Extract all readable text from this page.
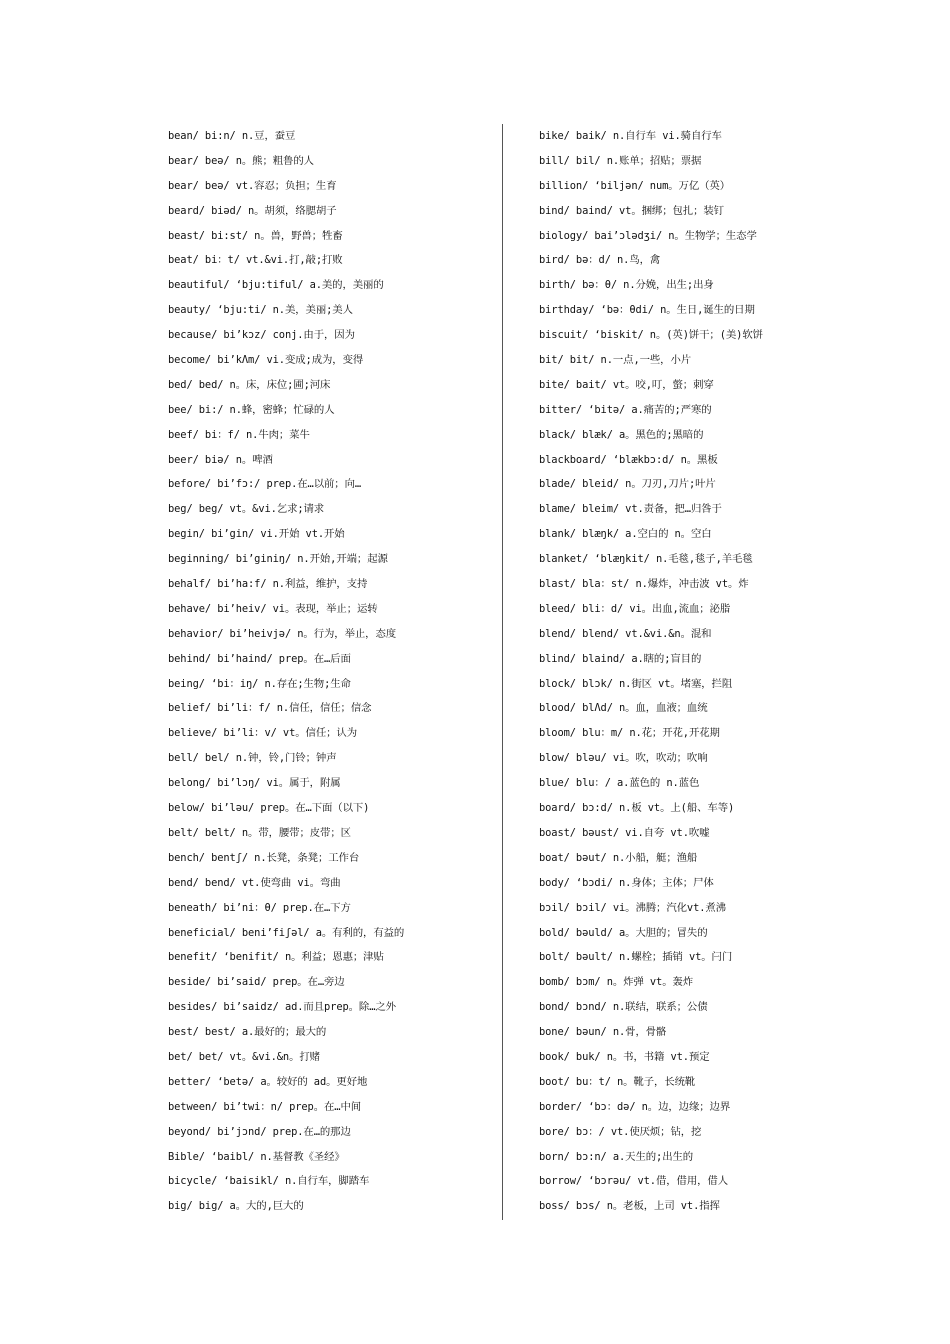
bean/ bi:n/ n.豆，蚕豆
bear/ beə/ n。熊；粗鲁的人
bear/ beə/ vt.容忍；负担；生育
beard/ biəd/ n。胡须，络腮胡子
beast/ bi:st/ n。兽，野兽；牲畜
beat/ bi：t/ vt.&vi.打,敲;打败
beautiful/ ‘bju:tiful/ a.美的，美丽的
beauty/ ‘bju:ti/ n.美，美丽;美人
because/ bi’kɔz/ conj.由于，因为
become/ bi’kΛm/ vi.变成;成为，变得
bed/ bed/ n。床，床位;圃;河床
bee/ bi:/ n.蜂，密蜂；忙碌的人
beef/ bi：f/ n.牛肉；菜牛
beer/ biə/ n。啤酒
before/ bi’fɔ:/ prep.在…以前；向…
beg/ beg/ vt。&vi.乞求;请求
begin/ bi’gin/ vi.开始 vt.开始
beginning/ bi’giniŋ/ n.开始,开端；起源
behalf/ bi’ha:f/ n.利益，维护，支持
behave/ bi’heiv/ vi。表现，举止；运转
behavior/ bi’heivjə/ n。行为，举止，态度
behind/ bi’haind/ prep。在…后面
being/ ‘bi：iŋ/ n.存在;生物;生命
belief/ bi’li：f/ n.信任，信任；信念
believe/ bi’li：v/ vt。信任；认为
bell/ bel/ n.钟，铃,门铃；钟声
belong/ bi’lɔŋ/ vi。属于，附属
below/ bi’ləu/ prep。在…下面（以下)
belt/ belt/ n。带，腰带；皮带；区
bench/ bentʃ/ n.长凳，条凳；工作台
bend/ bend/ vt.使弯曲 vi。弯曲
beneath/ bi’ni：θ/ prep.在…下方
beneficial/ beni’fiʃəl/ a。有利的，有益的
benefit/ ‘benifit/ n。利益；恩惠；津贴
beside/ bi’said/ prep。在…旁边
besides/ bi’saidz/ ad.而且prep。除…之外
best/ best/ a.最好的；最大的
bet/ bet/ vt。&vi.&n。打赌
better/ ‘betə/ a。较好的 ad。更好地
between/ bi’twi：n/ prep。在…中间
beyond/ bi’jɔnd/ prep.在…的那边
Bible/ ‘baibl/ n.基督教《圣经》
bicycle/ ‘baisikl/ n.自行车，脚踏车
big/ big/ a。大的,巨大的
bike/ baik/ n.自行车 vi.骑自行车
bill/ bil/ n.账单；招贴；票据
billion/ ‘biljən/ num。万亿（英）
bind/ baind/ vt。捆绑；包扎；装钉
biology/ bai’ɔlədʒi/ n。生物学；生态学
bird/ bə：d/ n.鸟，禽
birth/ bə：θ/ n.分娩，出生;出身
birthday/ ‘bə：θdi/ n。生日,诞生的日期
biscuit/ ‘biskit/ n。(英)饼干；(美)软饼
bit/ bit/ n.一点,一些，小片
bite/ bait/ vt。咬,叮，螫；刺穿
bitter/ ‘bitə/ a.痛苦的;严寒的
black/ blæk/ a。黑色的;黑暗的
blackboard/ ‘blækbɔ:d/ n。黑板
blade/ bleid/ n。刀刃,刀片;叶片
blame/ bleim/ vt.责备，把…归咎于
blank/ blæŋk/ a.空白的 n。空白
blanket/ ‘blæŋkit/ n.毛毯,毯子,羊毛毯
blast/ bla：st/ n.爆炸，冲击波 vt。炸
bleed/ bli：d/ vi。出血,流血；泌脂
blend/ blend/ vt.&vi.&n。混和
blind/ blaind/ a.瞎的;盲目的
block/ blɔk/ n.街区 vt。堵塞，拦阻
blood/ blΛd/ n。血，血液；血统
bloom/ blu：m/ n.花；开花,开花期
blow/ bləu/ vi。吹，吹动；吹响
blue/ blu：/ a.蓝色的 n.蓝色
board/ bɔ:d/ n.板 vt。上(船、车等)
boast/ bəust/ vi.自夸 vt.吹嘘
boat/ bəut/ n.小船，艇；渔船
body/ ‘bɔdi/ n.身体；主体；尸体
bɔil/ bɔil/ vi。沸腾；汽化vt.煮沸
bold/ bəuld/ a。大胆的；冒失的
bolt/ bəult/ n.螺栓；插销 vt。闩门
bomb/ bɔm/ n。炸弹 vt。轰炸
bond/ bɔnd/ n.联结，联系；公债
bone/ bəun/ n.骨，骨骼
book/ buk/ n。书，书籍 vt.预定
boot/ bu：t/ n。靴子，长统靴
border/ ‘bɔ：də/ n。边，边缘；边界
bore/ bɔ：/ vt.使厌烦；钻，挖
born/ bɔ:n/ a.天生的;出生的
borrow/ ‘bɔrəu/ vt.借，借用，借人
boss/ bɔs/ n。老板，上司 vt.指挥
